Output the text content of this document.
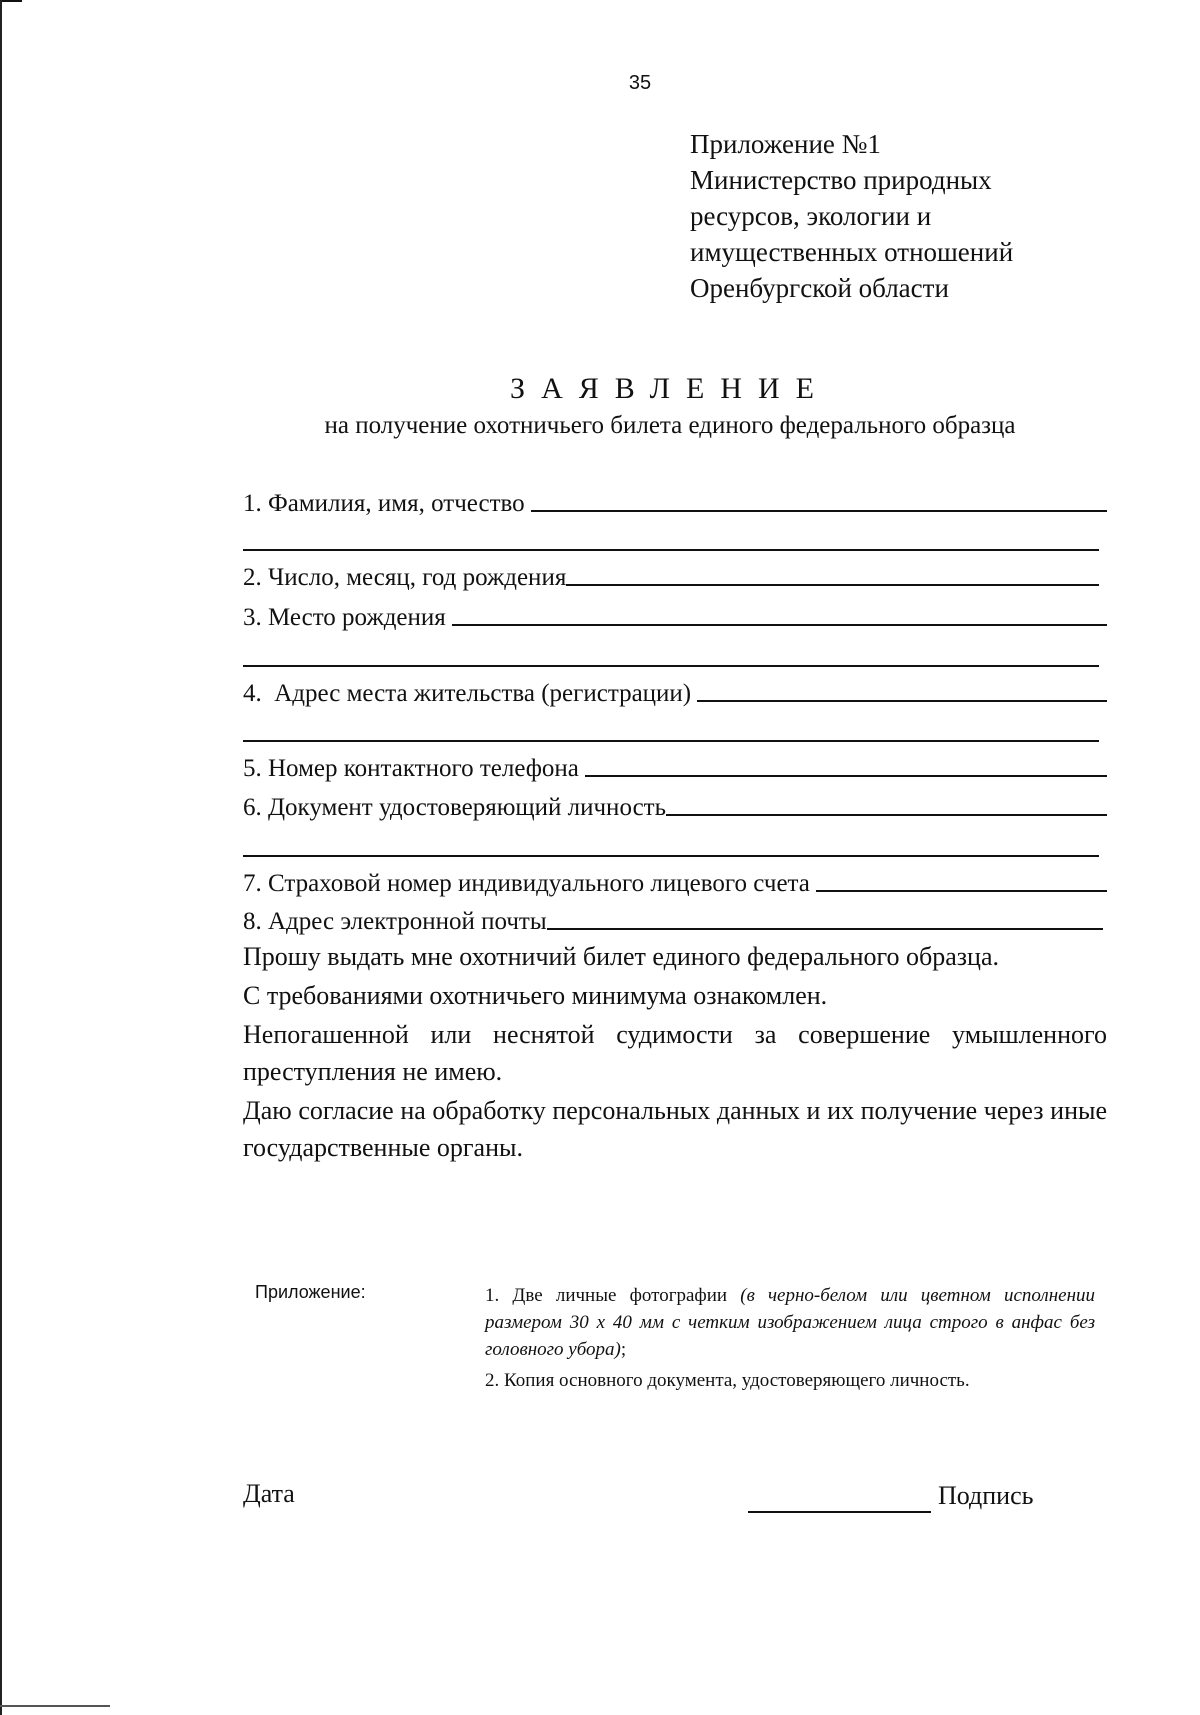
35
Приложение №1
Министерство природных
ресурсов, экологии и
имущественных отношений
Оренбургской области
ЗАЯВЛЕНИЕ
на получение охотничьего билета единого федерального образца
1. Фамилия, имя, отчество
2. Число, месяц, год рождения
3. Место рождения
4.  Адрес места жительства (регистрации)
5. Номер контактного телефона
6. Документ удостоверяющий личность
7. Страховой номер индивидуального лицевого счета
8. Адрес электронной почты
Прошу выдать мне охотничий билет единого федерального образца.
С требованиями охотничьего минимума ознакомлен.
Непогашенной или неснятой судимости за совершение умышленного преступления не имею.
Даю согласие на обработку персональных данных и их получение через иные государственные органы.
Приложение:	1. Две личные фотографии (в черно-белом или цветном исполнении размером 30 х 40 мм с четким изображением лица строго в анфас без головного убора);
2. Копия основного документа, удостоверяющего личность.
Дата	Подпись
